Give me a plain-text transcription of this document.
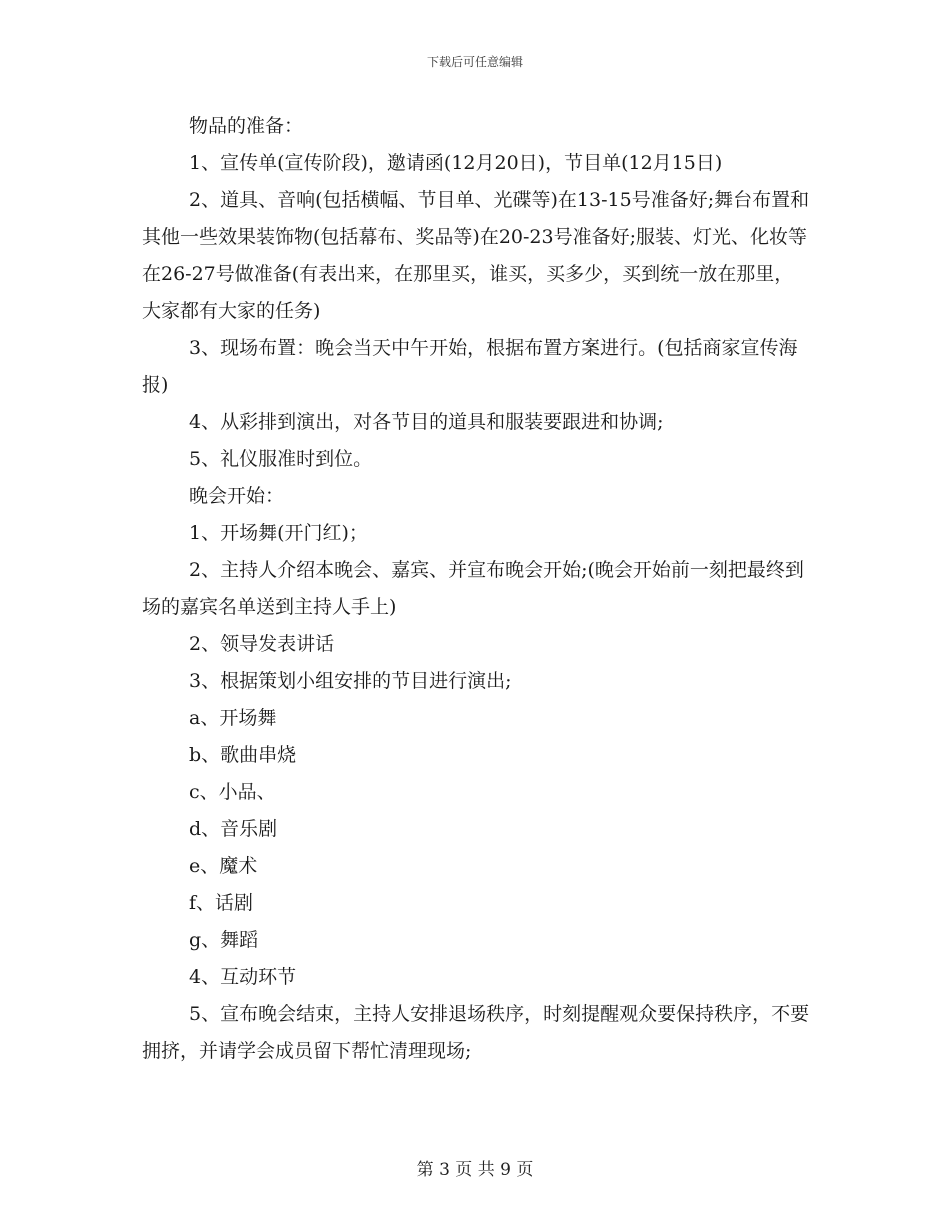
下载后可任意编辑

物品的准备：

1、宣传单(宣传阶段)，邀请函(12月20日)，节目单(12月15日)

2、道具、音响(包括横幅、节目单、光碟等)在13-15号准备好;舞台布置和其他一些效果装饰物(包括幕布、奖品等)在20-23号准备好;服装、灯光、化妆等在26-27号做准备(有表出来，在那里买，谁买，买多少，买到统一放在那里，大家都有大家的任务)

3、现场布置：晚会当天中午开始，根据布置方案进行。(包括商家宣传海报)

4、从彩排到演出，对各节目的道具和服装要跟进和协调;

5、礼仪服准时到位。

晚会开始：

1、开场舞(开门红)；

2、主持人介绍本晚会、嘉宾、并宣布晚会开始;(晚会开始前一刻把最终到场的嘉宾名单送到主持人手上)

2、领导发表讲话

3、根据策划小组安排的节目进行演出;

a、开场舞

b、歌曲串烧

c、小品、

d、音乐剧

e、魔术

f、话剧

g、舞蹈

4、互动环节

5、宣布晚会结束，主持人安排退场秩序，时刻提醒观众要保持秩序，不要拥挤，并请学会成员留下帮忙清理现场;

第 3 页 共 9 页
